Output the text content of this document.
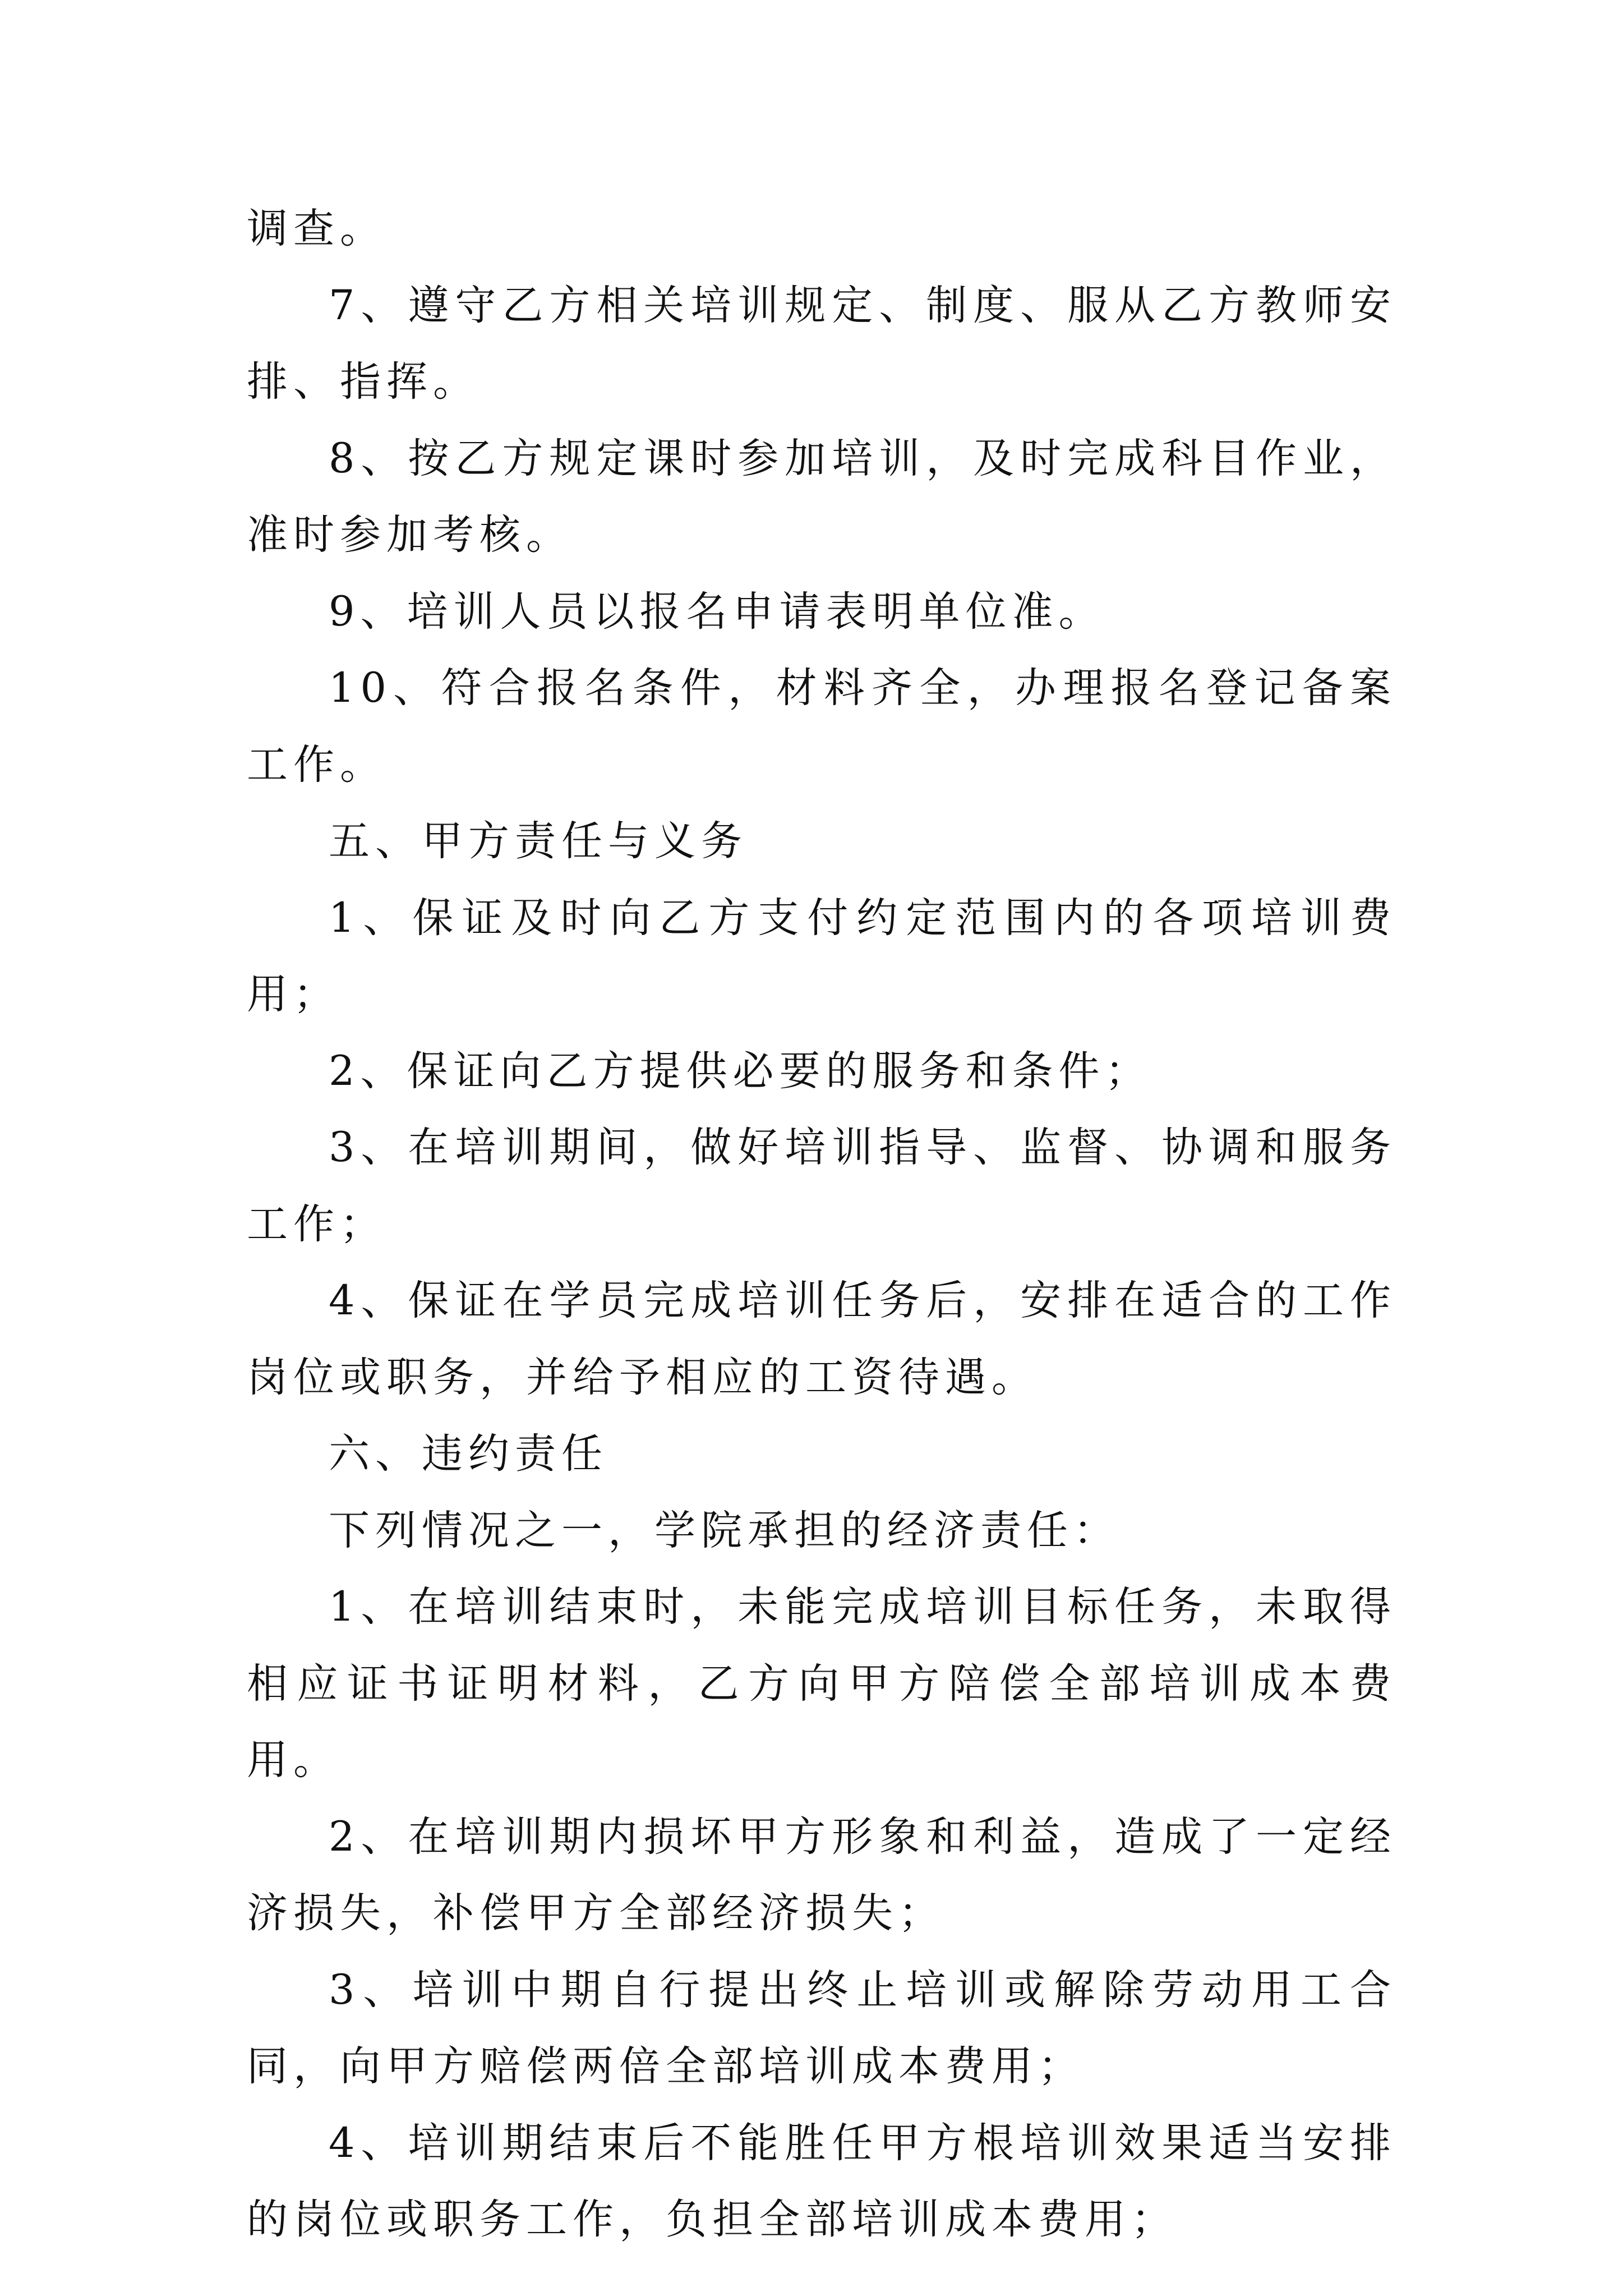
调查。

7、遵守乙方相关培训规定、制度、服从乙方教师安排、指挥。

8、按乙方规定课时参加培训，及时完成科目作业，准时参加考核。

9、培训人员以报名申请表明单位准。

10、符合报名条件，材料齐全，办理报名登记备案工作。

五、甲方责任与义务

1、保证及时向乙方支付约定范围内的各项培训费用；

2、保证向乙方提供必要的服务和条件；

3、在培训期间，做好培训指导、监督、协调和服务工作；

4、保证在学员完成培训任务后，安排在适合的工作岗位或职务，并给予相应的工资待遇。

六、违约责任

下列情况之一，学院承担的经济责任：

1、在培训结束时，未能完成培训目标任务，未取得相应证书证明材料，乙方向甲方陪偿全部培训成本费用。

2、在培训期内损坏甲方形象和利益，造成了一定经济损失，补偿甲方全部经济损失；

3、培训中期自行提出终止培训或解除劳动用工合同，向甲方赔偿两倍全部培训成本费用；

4、培训期结束后不能胜任甲方根培训效果适当安排的岗位或职务工作，负担全部培训成本费用；
